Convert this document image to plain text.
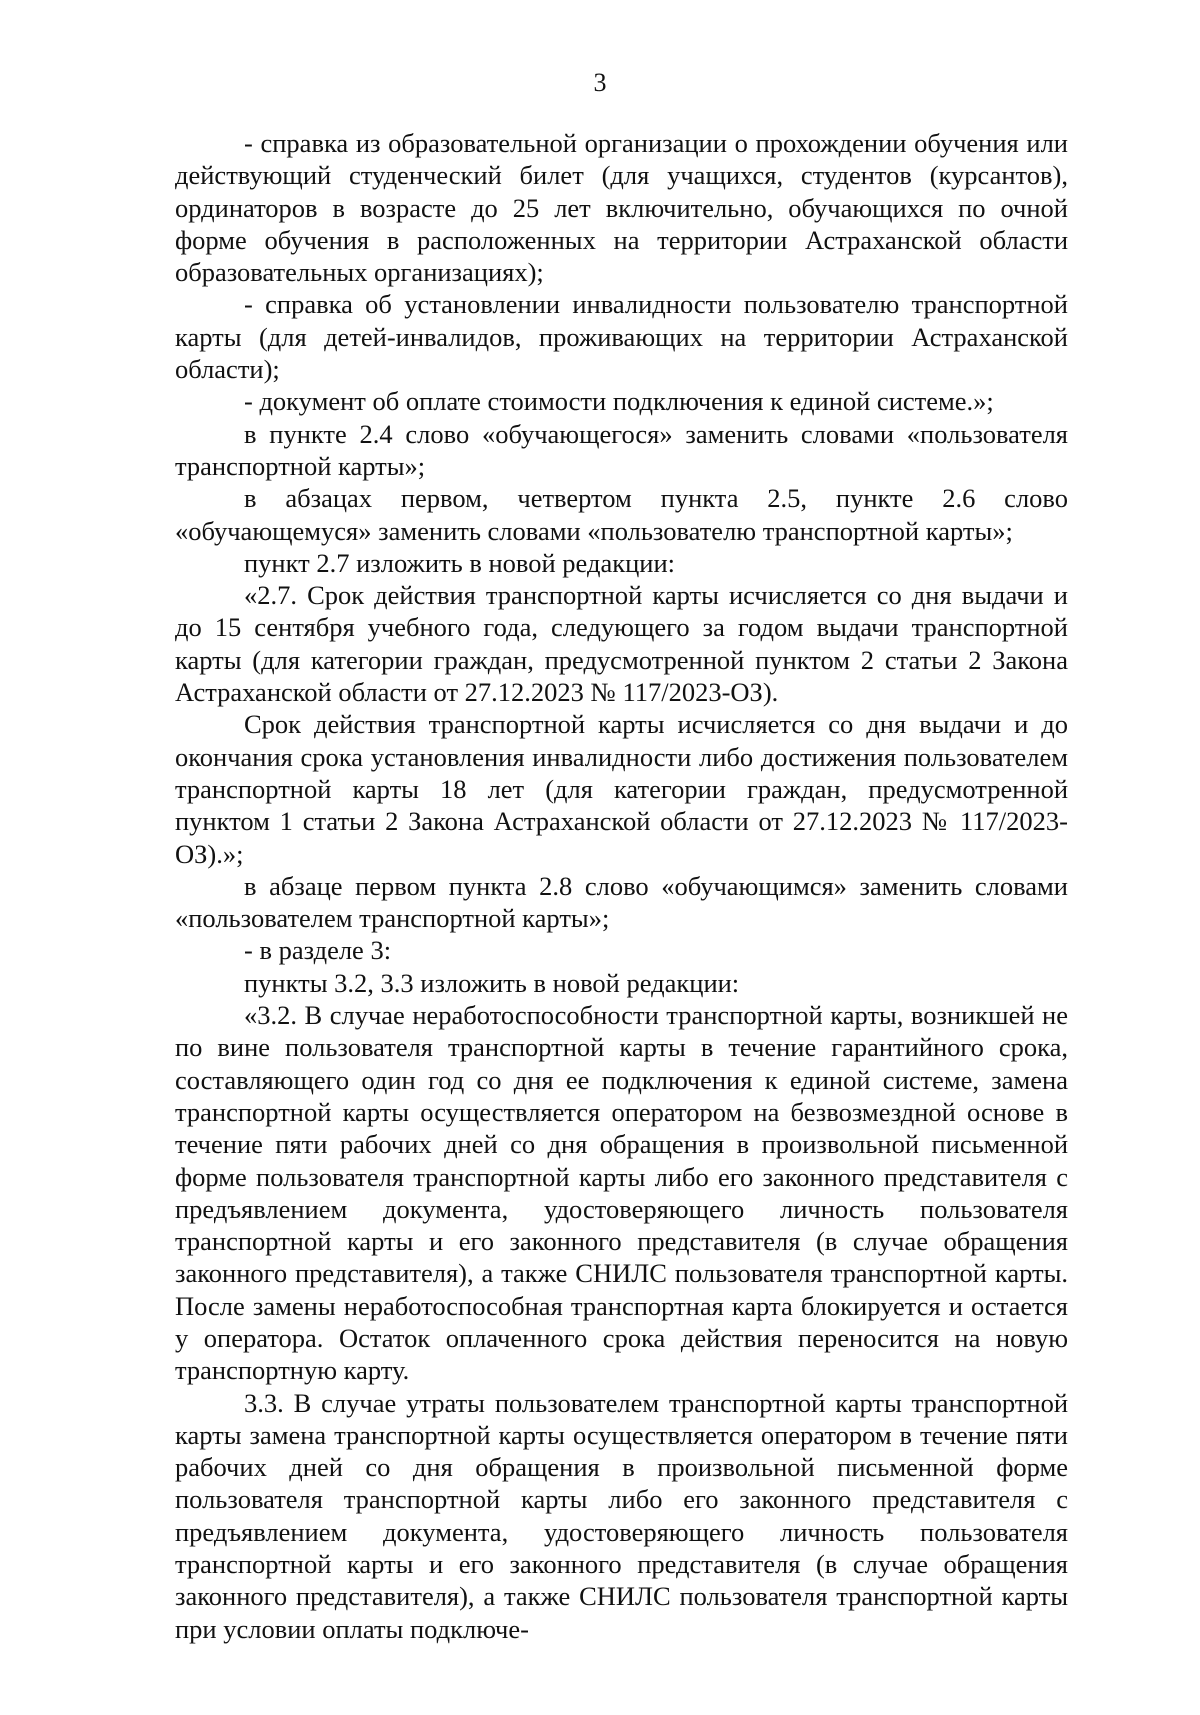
3

- справка из образовательной организации о прохождении обучения или действующий студенческий билет (для учащихся, студентов (курсантов), ординаторов в возрасте до 25 лет включительно, обучающихся по очной форме обучения в расположенных на территории Астраханской области образовательных организациях);

- справка об установлении инвалидности пользователю транспортной карты (для детей-инвалидов, проживающих на территории Астраханской области);

- документ об оплате стоимости подключения к единой системе.»;

в пункте 2.4 слово «обучающегося» заменить словами «пользователя транспортной карты»;

в абзацах первом, четвертом пункта 2.5, пункте 2.6 слово «обучающемуся» заменить словами «пользователю транспортной карты»;

пункт 2.7 изложить в новой редакции:

«2.7. Срок действия транспортной карты исчисляется со дня выдачи и до 15 сентября учебного года, следующего за годом выдачи транспортной карты (для категории граждан, предусмотренной пунктом 2 статьи 2 Закона Астраханской области от 27.12.2023 № 117/2023-ОЗ).

Срок действия транспортной карты исчисляется со дня выдачи и до окончания срока установления инвалидности либо достижения пользователем транспортной карты 18 лет (для категории граждан, предусмотренной пунктом 1 статьи 2 Закона Астраханской области от 27.12.2023 № 117/2023-ОЗ).»;

в абзаце первом пункта 2.8 слово «обучающимся» заменить словами «пользователем транспортной карты»;

- в разделе 3:

пункты 3.2, 3.3 изложить в новой редакции:

«3.2. В случае неработоспособности транспортной карты, возникшей не по вине пользователя транспортной карты в течение гарантийного срока, составляющего один год со дня ее подключения к единой системе, замена транспортной карты осуществляется оператором на безвозмездной основе в течение пяти рабочих дней со дня обращения в произвольной письменной форме пользователя транспортной карты либо его законного представителя с предъявлением документа, удостоверяющего личность пользователя транспортной карты и его законного представителя (в случае обращения законного представителя), а также СНИЛС пользователя транспортной карты. После замены неработоспособная транспортная карта блокируется и остается у оператора. Остаток оплаченного срока действия переносится на новую транспортную карту.

3.3. В случае утраты пользователем транспортной карты транспортной карты замена транспортной карты осуществляется оператором в течение пяти рабочих дней со дня обращения в произвольной письменной форме пользователя транспортной карты либо его законного представителя с предъявлением документа, удостоверяющего личность пользователя транспортной карты и его законного представителя (в случае обращения законного представителя), а также СНИЛС пользователя транспортной карты при условии оплаты подключе-
